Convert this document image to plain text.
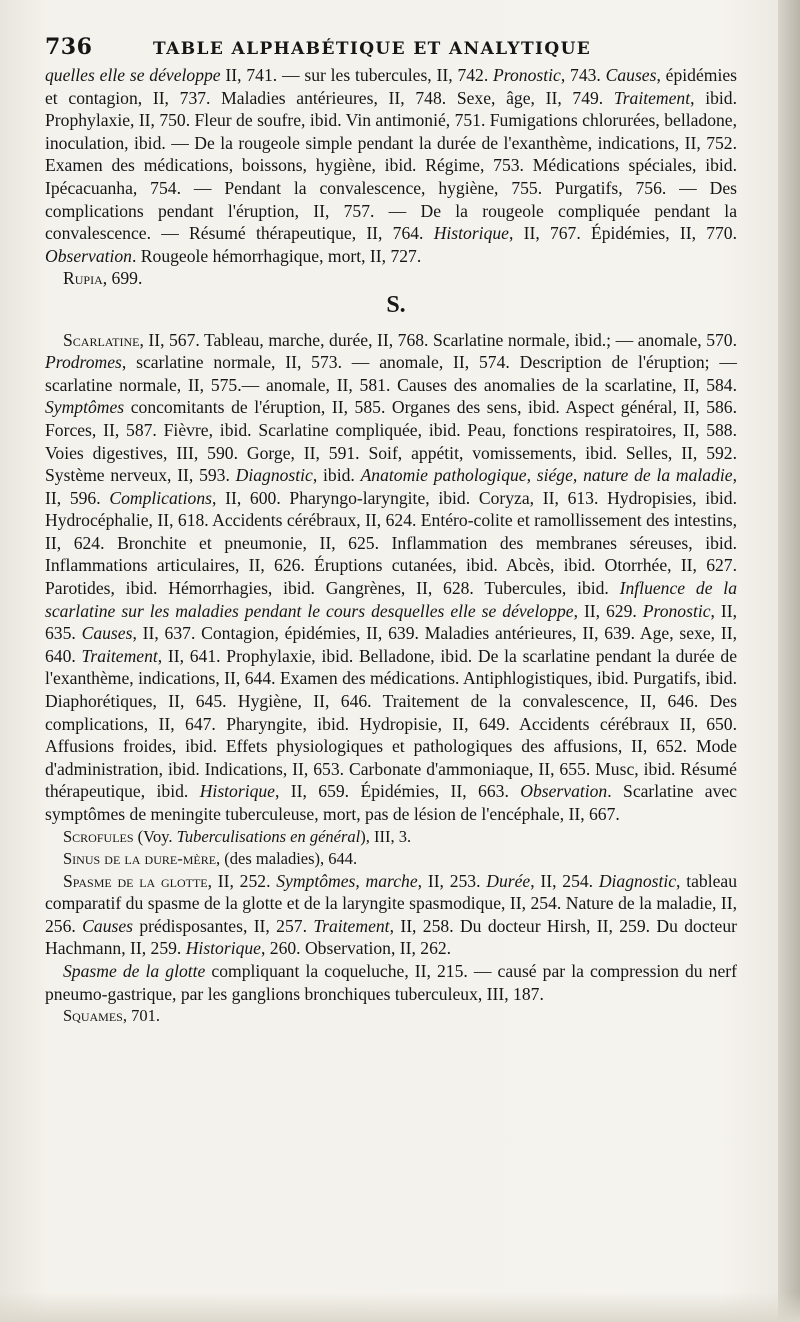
736	TABLE ALPHABÉTIQUE ET ANALYTIQUE

quelles elle se développe II, 741. — sur les tubercules, II, 742. Pronostic, 743. Causes, épidémies et contagion, II, 737. Maladies antérieures, II, 748. Sexe, âge, II, 749. Traitement, ibid. Prophylaxie, II, 750. Fleur de soufre, ibid. Vin antimonié, 751. Fumigations chlorurées, belladone, inoculation, ibid. — De la rougeole simple pendant la durée de l'exanthème, indications, II, 752. Examen des médications, boissons, hygiène, ibid. Régime, 753. Médications spéciales, ibid. Ipécacuanha, 754. — Pendant la convalescence, hygiène, 755. Purgatifs, 756. — Des complications pendant l'éruption, II, 757. — De la rougeole compliquée pendant la convalescence. — Résumé thérapeutique, II, 764. Historique, II, 767. Épidémies, II, 770. Observation. Rougeole hémorrhagique, mort, II, 727.

Rupia, 699.

S.

Scarlatine, II, 567. Tableau, marche, durée, II, 768. Scarlatine normale, ibid.; — anomale, 570. Prodromes, scarlatine normale, II, 573. — anomale, II, 574. Description de l'éruption; — scarlatine normale, II, 575.— anomale, II, 581. Causes des anomalies de la scarlatine, II, 584. Symptômes concomitants de l'éruption, II, 585. Organes des sens, ibid. Aspect général, II, 586. Forces, II, 587. Fièvre, ibid. Scarlatine compliquée, ibid. Peau, fonctions respiratoires, II, 588. Voies digestives, III, 590. Gorge, II, 591. Soif, appétit, vomissements, ibid. Selles, II, 592. Système nerveux, II, 593. Diagnostic, ibid. Anatomie pathologique, siége, nature de la maladie, II, 596. Complications, II, 600. Pharyngo-laryngite, ibid. Coryza, II, 613. Hydropisies, ibid. Hydrocéphalie, II, 618. Accidents cérébraux, II, 624. Entéro-colite et ramollissement des intestins, II, 624. Bronchite et pneumonie, II, 625. Inflammation des membranes séreuses, ibid. Inflammations articulaires, II, 626. Éruptions cutanées, ibid. Abcès, ibid. Otorrhée, II, 627. Parotides, ibid. Hémorrhagies, ibid. Gangrènes, II, 628. Tubercules, ibid. Influence de la scarlatine sur les maladies pendant le cours desquelles elle se développe, II, 629. Pronostic, II, 635. Causes, II, 637. Contagion, épidémies, II, 639. Maladies antérieures, II, 639. Age, sexe, II, 640. Traitement, II, 641. Prophylaxie, ibid. Belladone, ibid. De la scarlatine pendant la durée de l'exanthème, indications, II, 644. Examen des médications. Antiphlogistiques, ibid. Purgatifs, ibid. Diaphorétiques, II, 645. Hygiène, II, 646. Traitement de la convalescence, II, 646. Des complications, II, 647. Pharyngite, ibid. Hydropisie, II, 649. Accidents cérébraux II, 650. Affusions froides, ibid. Effets physiologiques et pathologiques des affusions, II, 652. Mode d'administration, ibid. Indications, II, 653. Carbonate d'ammoniaque, II, 655. Musc, ibid. Résumé thérapeutique, ibid. Historique, II, 659. Épidémies, II, 663. Observation. Scarlatine avec symptômes de meningite tuberculeuse, mort, pas de lésion de l'encéphale, II, 667.

Scrofules (Voy. Tuberculisations en général), III, 3.

Sinus de la dure-mère, (des maladies), 644.

Spasme de la glotte, II, 252. Symptômes, marche, II, 253. Durée, II, 254. Diagnostic, tableau comparatif du spasme de la glotte et de la laryngite spasmodique, II, 254. Nature de la maladie, II, 256. Causes prédisposantes, II, 257. Traitement, II, 258. Du docteur Hirsh, II, 259. Du docteur Hachmann, II, 259. Historique, 260. Observation, II, 262.

Spasme de la glotte compliquant la coqueluche, II, 215. — causé par la compression du nerf pneumo-gastrique, par les ganglions bronchiques tuberculeux, III, 187.

Squames, 701.
